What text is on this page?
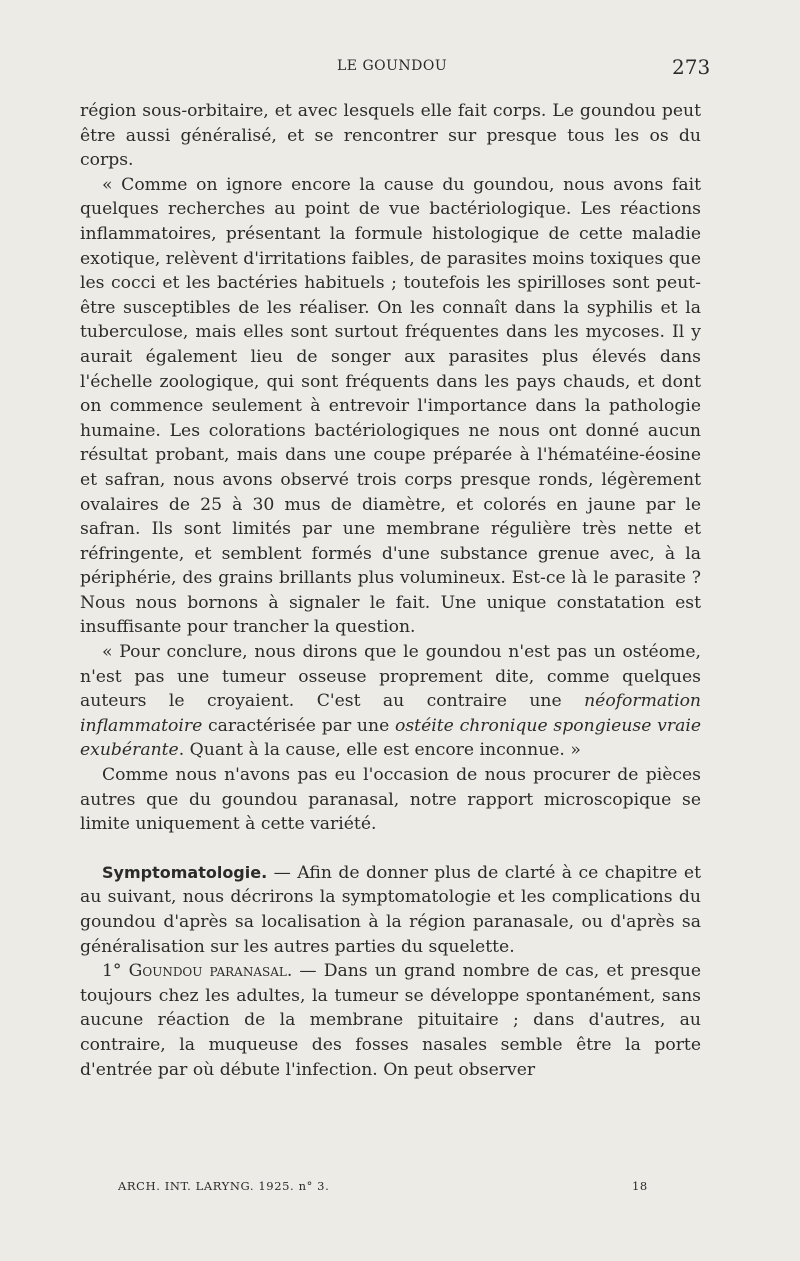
LE GOUNDOU	273

région sous-orbitaire, et avec lesquels elle fait corps. Le goundou peut être aussi généralisé, et se rencontrer sur presque tous les os du corps.

« Comme on ignore encore la cause du goundou, nous avons fait quelques recherches au point de vue bactériologique. Les réactions inflammatoires, présentant la formule histologique de cette maladie exotique, relèvent d'irritations faibles, de parasites moins toxiques que les cocci et les bactéries habituels ; toutefois les spirilloses sont peut-être susceptibles de les réaliser. On les connaît dans la syphilis et la tuberculose, mais elles sont surtout fréquentes dans les mycoses. Il y aurait également lieu de songer aux parasites plus élevés dans l'échelle zoologique, qui sont fréquents dans les pays chauds, et dont on commence seulement à entrevoir l'importance dans la pathologie humaine. Les colorations bactériologiques ne nous ont donné aucun résultat probant, mais dans une coupe préparée à l'hématéine-éosine et safran, nous avons observé trois corps presque ronds, légèrement ovalaires de 25 à 30 mus de diamètre, et colorés en jaune par le safran. Ils sont limités par une membrane régulière très nette et réfringente, et semblent formés d'une substance grenue avec, à la périphérie, des grains brillants plus volumineux. Est-ce là le parasite ? Nous nous bornons à signaler le fait. Une unique constatation est insuffisante pour trancher la question.

« Pour conclure, nous dirons que le goundou n'est pas un ostéome, n'est pas une tumeur osseuse proprement dite, comme quelques auteurs le croyaient. C'est au contraire une néoformation inflammatoire caractérisée par une ostéite chronique spongieuse vraie exubérante. Quant à la cause, elle est encore inconnue. »

Comme nous n'avons pas eu l'occasion de nous procurer de pièces autres que du goundou paranasal, notre rapport microscopique se limite uniquement à cette variété.

Symptomatologie. — Afin de donner plus de clarté à ce chapitre et au suivant, nous décrirons la symptomatologie et les complications du goundou d'après sa localisation à la région paranasale, ou d'après sa généralisation sur les autres parties du squelette.

1° Goundou paranasal. — Dans un grand nombre de cas, et presque toujours chez les adultes, la tumeur se développe spontanément, sans aucune réaction de la membrane pituitaire ; dans d'autres, au contraire, la muqueuse des fosses nasales semble être la porte d'entrée par où débute l'infection. On peut observer

ARCH. INT. LARYNG. 1925. n° 3.	18
